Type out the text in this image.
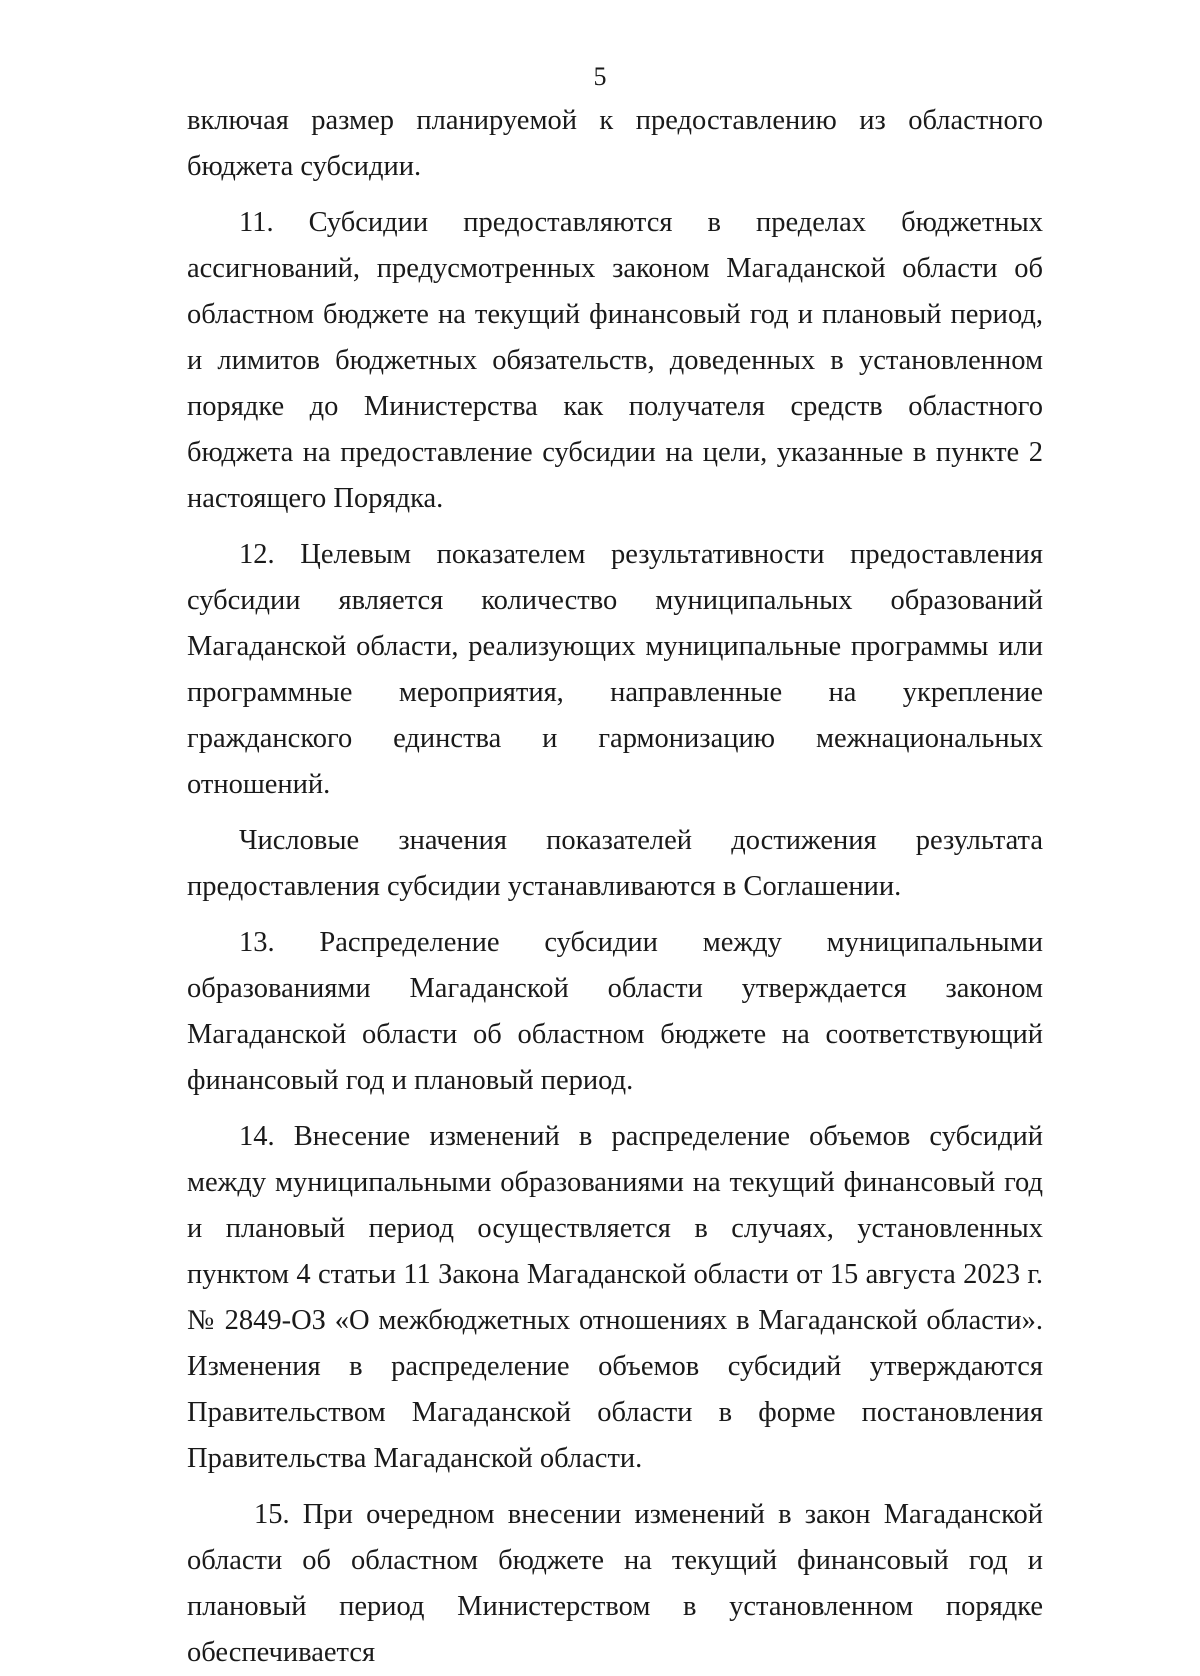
5

включая размер планируемой к предоставлению из областного бюджета субсидии.

11. Субсидии предоставляются в пределах бюджетных ассигнований, предусмотренных законом Магаданской области об областном бюджете на текущий финансовый год и плановый период, и лимитов бюджетных обязательств, доведенных в установленном порядке до Министерства как получателя средств областного бюджета на предоставление субсидии на цели, указанные в пункте 2 настоящего Порядка.

12. Целевым показателем результативности предоставления субсидии является количество муниципальных образований Магаданской области, реализующих муниципальные программы или программные мероприятия, направленные на укрепление гражданского единства и гармонизацию межнациональных отношений.

Числовые значения показателей достижения результата предоставления субсидии устанавливаются в Соглашении.

13. Распределение субсидии между муниципальными образованиями Магаданской области утверждается законом Магаданской области об областном бюджете на соответствующий финансовый год и плановый период.

14. Внесение изменений в распределение объемов субсидий между муниципальными образованиями на текущий финансовый год и плановый период осуществляется в случаях, установленных пунктом 4 статьи 11 Закона Магаданской области от 15 августа 2023 г. № 2849-ОЗ «О межбюджетных отношениях в Магаданской области». Изменения в распределение объемов субсидий утверждаются Правительством Магаданской области в форме постановления Правительства Магаданской области.

15. При очередном внесении изменений в закон Магаданской области об областном бюджете на текущий финансовый год и плановый период Министерством в установленном порядке обеспечивается
